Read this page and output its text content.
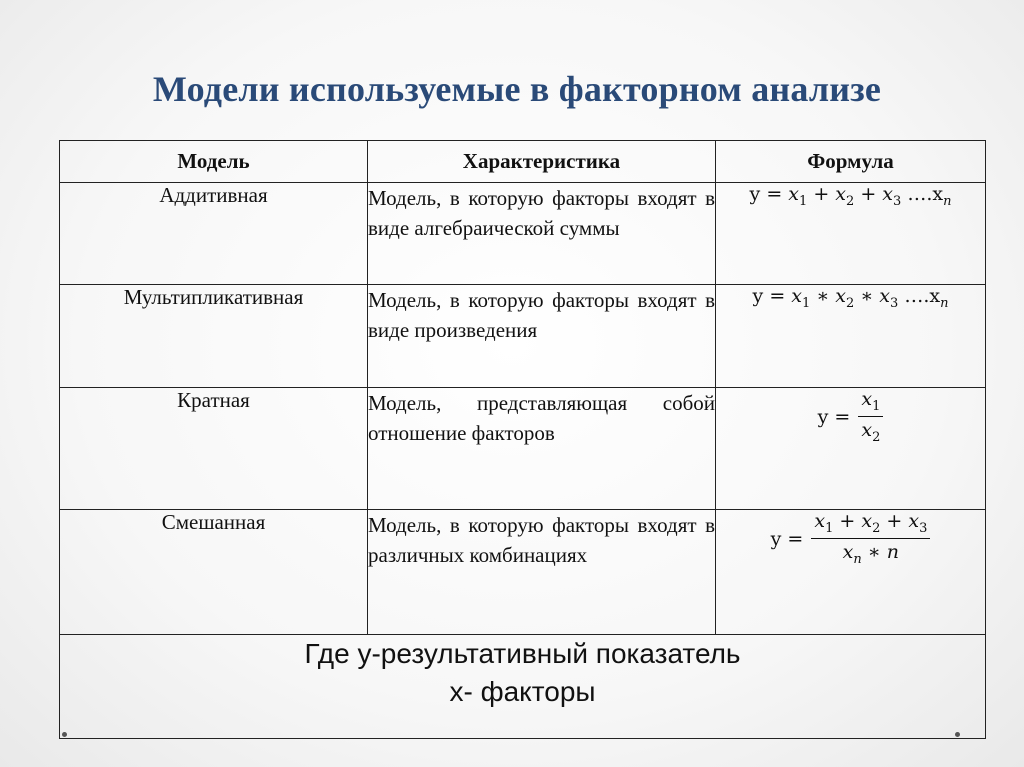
Модели используемые в факторном анализе
Модель	Характеристика	Формула
Аддитивная	Модель, в которую факторы входят в виде алгебраической суммы	$y = x_1 + x_2 + x_3$ $\dots.x_n$
Мультипликативная	Модель, в которую факторы входят в виде произведения	$y = x_1$ ∗ $x_2$ ∗ $x_3$ $\dots.x_n$
Кратная	Модель, представляющая собой отношение факторов	$y = \frac{x_1}{x_2}$

Смешанная	Модель, в которую факторы входят в различных комбинациях	$y = \frac{x_1 + x_2 + x_3}{x_n ∗ n}$

Где у-результативный показатель
х- факторы		
